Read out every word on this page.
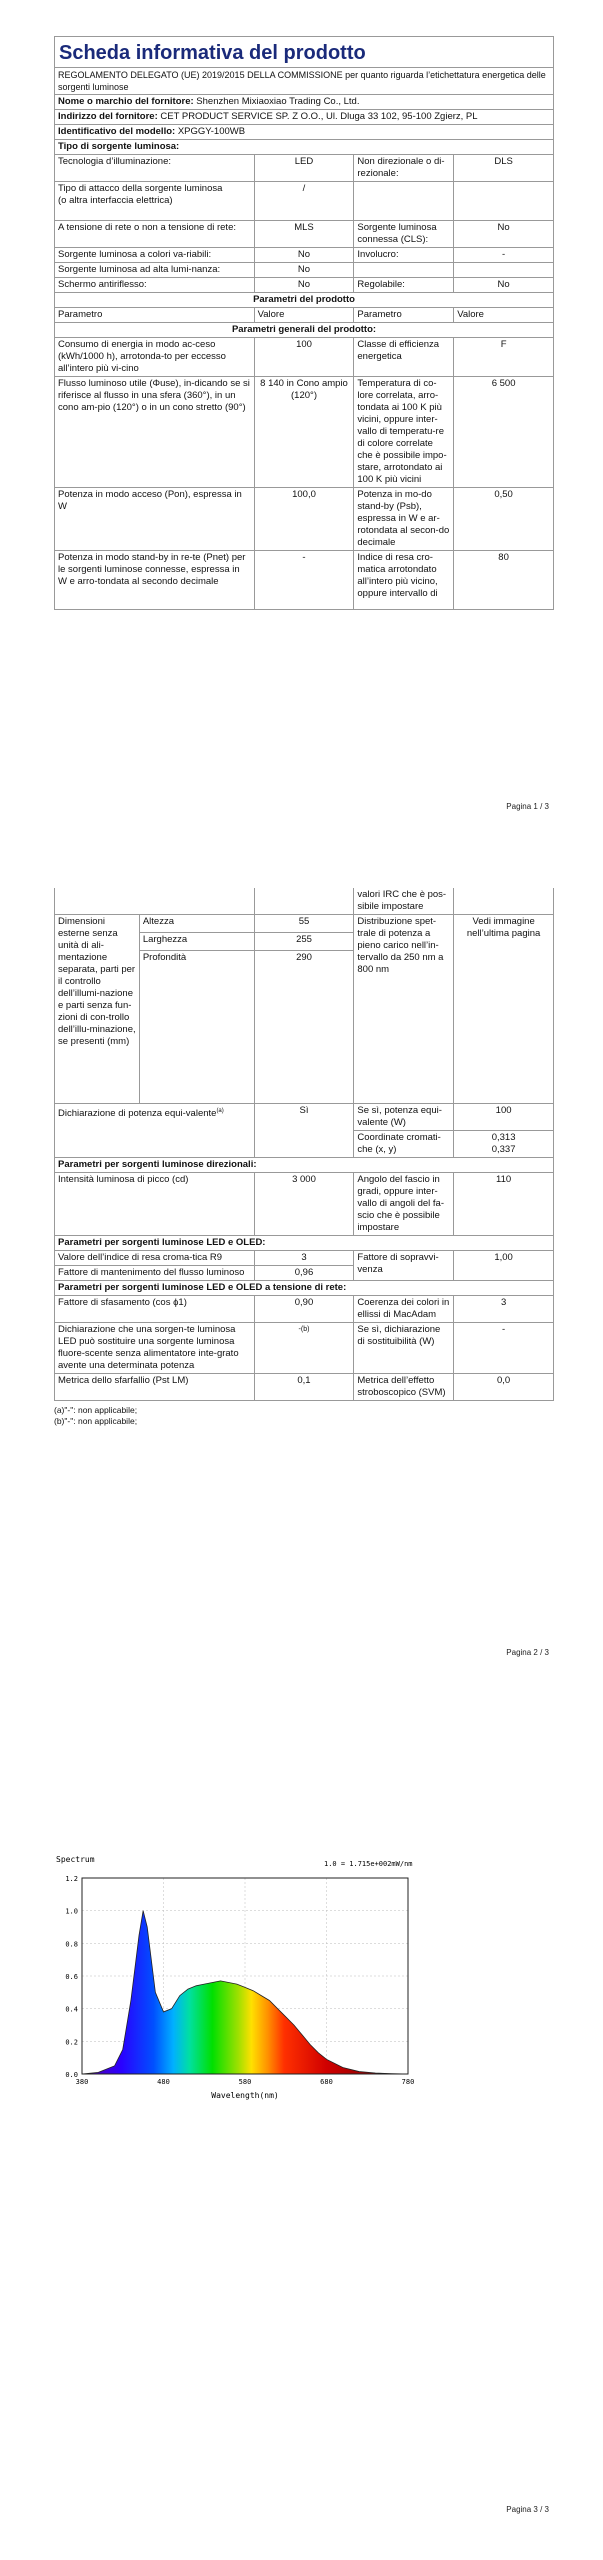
Scheda informativa del prodotto
REGOLAMENTO DELEGATO (UE) 2019/2015 DELLA COMMISSIONE per quanto riguarda l’etichettatura energetica delle sorgenti luminose			
Nome o marchio del fornitore: Shenzhen Mixiaoxiao Trading Co., Ltd.			
Indirizzo del fornitore: CET PRODUCT SERVICE SP. Z O.O., Ul. Dluga 33 102, 95-100 Zgierz, PL			
Identificativo del modello: XPGGY-100WB			
Tipo di sorgente luminosa:			
Tecnologia d’illuminazione:	LED	Non direzionale o di-rezionale:	DLS

Tipo di attacco della sorgente luminosa
(o altra interfaccia elettrica)	/		
A tensione di rete o non a tensione di rete:	MLS	Sorgente luminosa connessa (CLS):	No
Sorgente luminosa a colori va-riabili:	No	Involucro:	-
Sorgente luminosa ad alta lumi-nanza:	No		
Schermo antiriflesso:	No	Regolabile:	No
Parametri del prodotto			
Parametro	Valore	Parametro	Valore
Parametri generali del prodotto:			
Consumo di energia in modo ac-ceso (kWh/1000 h), arrotonda-to per eccesso all’intero più vi-cino	100	Classe di efficienza energetica	F
Flusso luminoso utile (Φuse), in-dicando se si riferisce al flusso in una sfera (360°), in un cono am-pio (120°) o in un cono stretto (90°)	8 140 in Cono ampio (120°)	Temperatura di co-lore correlata, arro-tondata ai 100 K più vicini, oppure inter-vallo di temperatu-re di colore correlate che è possibile impo-stare, arrotondato ai 100 K più vicini	6 500
Potenza in modo acceso (Pon), espressa in W	100,0	Potenza in mo-do stand-by (Psb), espressa in W e ar-rotondata al secon-do decimale	0,50
Potenza in modo stand-by in re-te (Pnet) per le sorgenti luminose connesse, espressa in W e arro-tondata al secondo decimale	-	Indice di resa cro-matica arrotondato all’intero più vicino, oppure intervallo di	80
Pagina 1 / 3
			valori IRC che è pos-sibile impostare	
Dimensioni esterne senza unità di ali-mentazione separata, parti per il controllo dell’illumi-nazione e parti senza fun-zioni di con-trollo dell’illu-minazione, se presenti (mm)	Altezza	55	Distribuzione spet-trale di potenza a pieno carico nell’in-tervallo da 250 nm a 800 nm	Vedi immagine nell’ultima pagina
	Larghezza	255		
	Profondità	290		
Dichiarazione di potenza equi-valente$^{(a)}$		Sì	Se sì, potenza equi-valente (W)	100
			Coordinate cromati-che (x, y)	0,313
0,337

Parametri per sorgenti luminose direzionali:				
Intensità luminosa di picco (cd)		3 000	Angolo del fascio in gradi, oppure inter-vallo di angoli del fa-scio che è possibile impostare	110
Parametri per sorgenti luminose LED e OLED:				
Valore dell’indice di resa croma-tica R9		3	Fattore di sopravvi-venza	1,00
Fattore di mantenimento del flusso luminoso		0,96		
Parametri per sorgenti luminose LED e OLED a tensione di rete:				
Fattore di sfasamento (cos ϕ1)		0,90	Coerenza dei colori in ellissi di MacAdam	3
Dichiarazione che una sorgen-te luminosa LED può sostituire una sorgente luminosa fluore-scente senza alimentatore inte-grato avente una determinata potenza		-(b)	Se sì, dichiarazione di sostituibilità (W)	-
Metrica dello sfarfallio (Pst LM)		0,1	Metrica dell’effetto stroboscopico (SVM)	0,0
(a)"-": non applicabile;
(b)"-": non applicabile;
Pagina 2 / 3
Spectrum	1.0 = 1.715e+002mW/nm
0.0
0.2
0.4
0.6
0.8
1.0
1.2
380	480	580	680	780
Wavelength(nm)
Pagina 3 / 3
